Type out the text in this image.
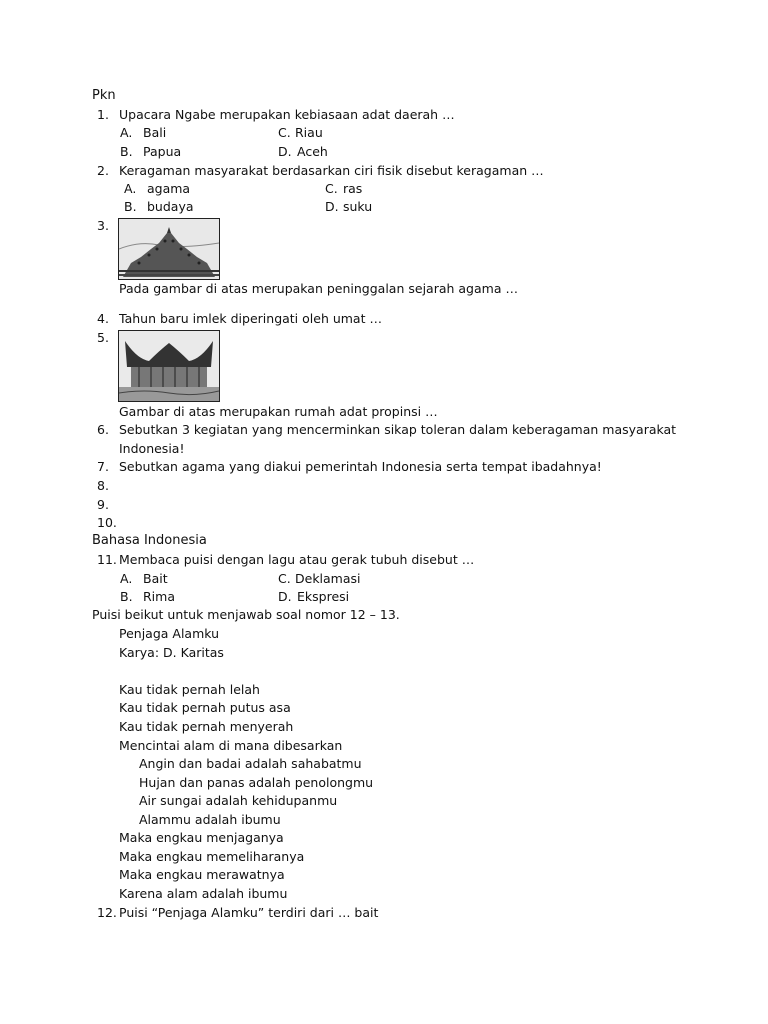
Pkn
1. Upacara Ngabe merupakan kebiasaan adat daerah …
A. Bali	C. Riau
B. Papua	D. Aceh
2. Keragaman masyarakat berdasarkan ciri fisik disebut keragaman …
A. agama	C. ras
B. budaya	D. suku
3.
Pada gambar di atas merupakan peninggalan sejarah agama …
4. Tahun baru imlek diperingati oleh umat …
5.
Gambar di atas merupakan rumah adat propinsi …
6. Sebutkan 3 kegiatan yang mencerminkan sikap toleran dalam keberagaman masyarakat
Indonesia!
7. Sebutkan agama yang diakui pemerintah Indonesia serta tempat ibadahnya!
8.
9.
10.
Bahasa Indonesia
11. Membaca puisi dengan lagu atau gerak tubuh disebut …
A. Bait	C. Deklamasi
B. Rima	D. Ekspresi
Puisi beikut untuk menjawab soal nomor 12 – 13.
Penjaga Alamku
Karya: D. Karitas
Kau tidak pernah lelah
Kau tidak pernah putus asa
Kau tidak pernah menyerah
Mencintai alam di mana dibesarkan
Angin dan badai adalah sahabatmu
Hujan dan panas adalah penolongmu
Air sungai adalah kehidupanmu
Alammu adalah ibumu
Maka engkau menjaganya
Maka engkau memeliharanya
Maka engkau merawatnya
Karena alam adalah ibumu
12. Puisi “Penjaga Alamku” terdiri dari … bait
